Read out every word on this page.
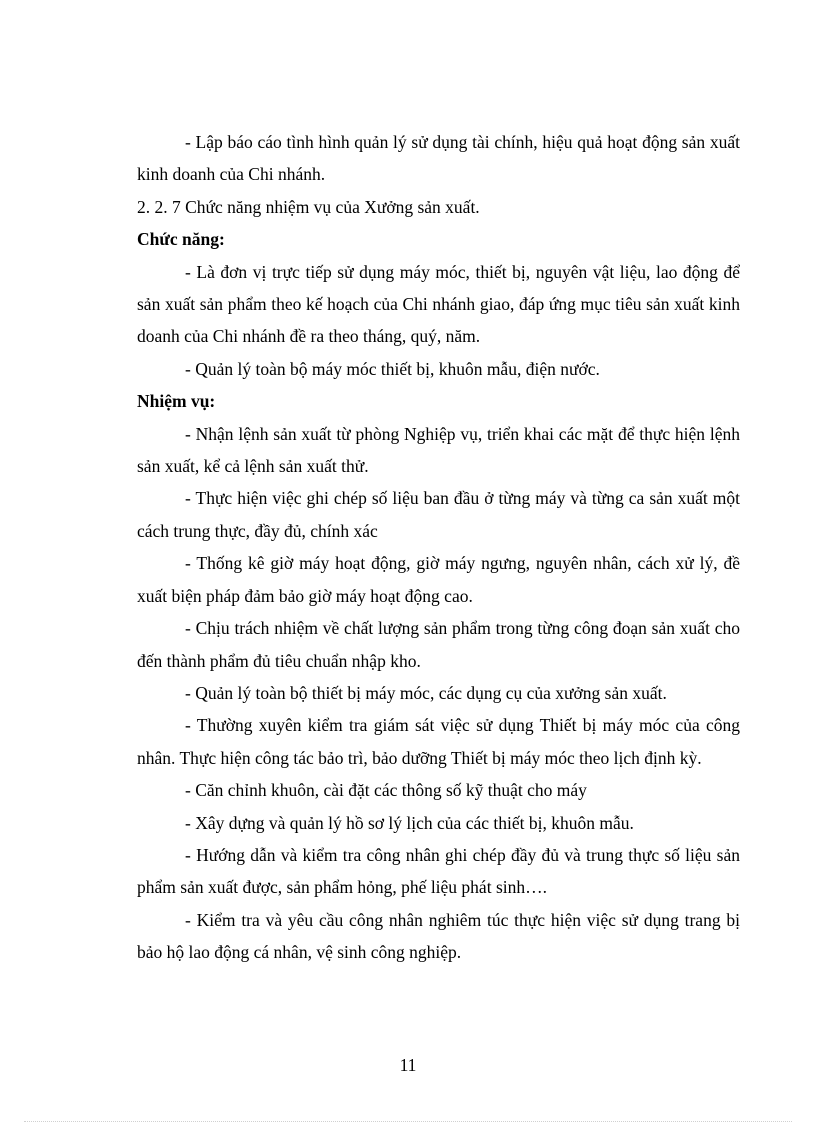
- Lập báo cáo tình hình quản lý sử dụng tài chính, hiệu quả hoạt động sản xuất kinh doanh của Chi nhánh.

2. 2. 7 Chức năng nhiệm vụ của Xưởng sản xuất.

Chức năng:

- Là đơn vị trực tiếp sử dụng máy móc, thiết bị, nguyên vật liệu, lao động để sản xuất sản phẩm theo kế hoạch của Chi nhánh giao, đáp ứng mục tiêu sản xuất kinh doanh của Chi nhánh đề ra theo tháng, quý, năm.

- Quản lý toàn bộ máy móc thiết bị, khuôn mẫu, điện nước.

Nhiệm vụ:

- Nhận lệnh sản xuất từ phòng Nghiệp vụ, triển khai các mặt để thực hiện lệnh sản xuất, kể cả lệnh sản xuất thử.

- Thực hiện việc ghi chép số liệu ban đầu ở từng máy và từng ca sản xuất một cách trung thực, đầy đủ, chính xác

- Thống kê giờ máy hoạt động, giờ máy ngưng, nguyên nhân, cách xử lý, đề xuất biện pháp đảm bảo giờ máy hoạt động cao.

- Chịu trách nhiệm về chất lượng sản phẩm trong từng công đoạn sản xuất cho đến thành phẩm đủ tiêu chuẩn nhập kho.

- Quản lý toàn bộ thiết bị máy móc, các dụng cụ của xưởng sản xuất.

- Thường xuyên kiểm tra giám sát việc sử dụng Thiết bị máy móc của công nhân. Thực hiện công tác bảo trì, bảo dưỡng Thiết bị máy móc theo lịch định kỳ.

- Căn chỉnh khuôn, cài đặt các thông số kỹ thuật cho máy

- Xây dựng và quản lý hồ sơ lý lịch của các thiết bị, khuôn mẫu.

- Hướng dẫn và kiểm tra công nhân ghi chép đầy đủ và trung thực số liệu sản phẩm sản xuất được, sản phẩm hỏng, phế liệu phát sinh….

- Kiểm tra và yêu cầu công nhân nghiêm túc thực hiện việc sử dụng trang bị bảo hộ lao động cá nhân, vệ sinh công nghiệp.

11
